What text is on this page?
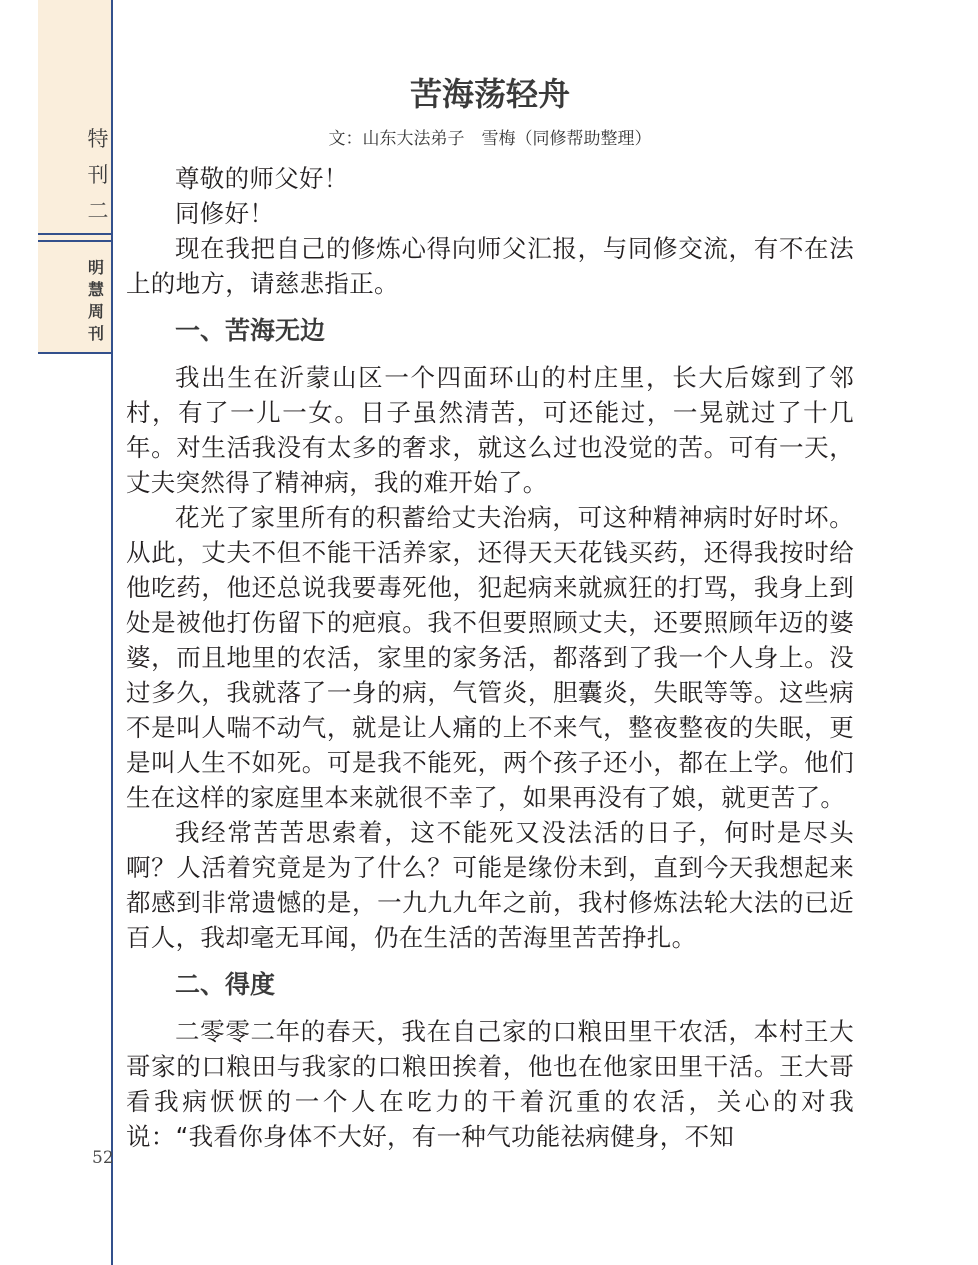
特
刊
二
明
慧
周
刊
52
苦海荡轻舟
文：山东大法弟子　雪梅（同修帮助整理）

尊敬的师父好！

同修好！

现在我把自己的修炼心得向师父汇报，与同修交流，有不在法上的地方，请慈悲指正。

一、苦海无边

我出生在沂蒙山区一个四面环山的村庄里，长大后嫁到了邻村，有了一儿一女。日子虽然清苦，可还能过，一晃就过了十几年。对生活我没有太多的奢求，就这么过也没觉的苦。可有一天，丈夫突然得了精神病，我的难开始了。

花光了家里所有的积蓄给丈夫治病，可这种精神病时好时坏。从此，丈夫不但不能干活养家，还得天天花钱买药，还得我按时给他吃药，他还总说我要毒死他，犯起病来就疯狂的打骂，我身上到处是被他打伤留下的疤痕。我不但要照顾丈夫，还要照顾年迈的婆婆，而且地里的农活，家里的家务活，都落到了我一个人身上。没过多久，我就落了一身的病，气管炎，胆囊炎，失眠等等。这些病不是叫人喘不动气，就是让人痛的上不来气，整夜整夜的失眠，更是叫人生不如死。可是我不能死，两个孩子还小，都在上学。他们生在这样的家庭里本来就很不幸了，如果再没有了娘，就更苦了。

我经常苦苦思索着，这不能死又没法活的日子，何时是尽头啊？人活着究竟是为了什么？可能是缘份未到，直到今天我想起来都感到非常遗憾的是，一九九九年之前，我村修炼法轮大法的已近百人，我却毫无耳闻，仍在生活的苦海里苦苦挣扎。

二、得度

二零零二年的春天，我在自己家的口粮田里干农活，本村王大哥家的口粮田与我家的口粮田挨着，他也在他家田里干活。王大哥看我病恹恹的一个人在吃力的干着沉重的农活，关心的对我说：“我看你身体不大好，有一种气功能祛病健身，不知
